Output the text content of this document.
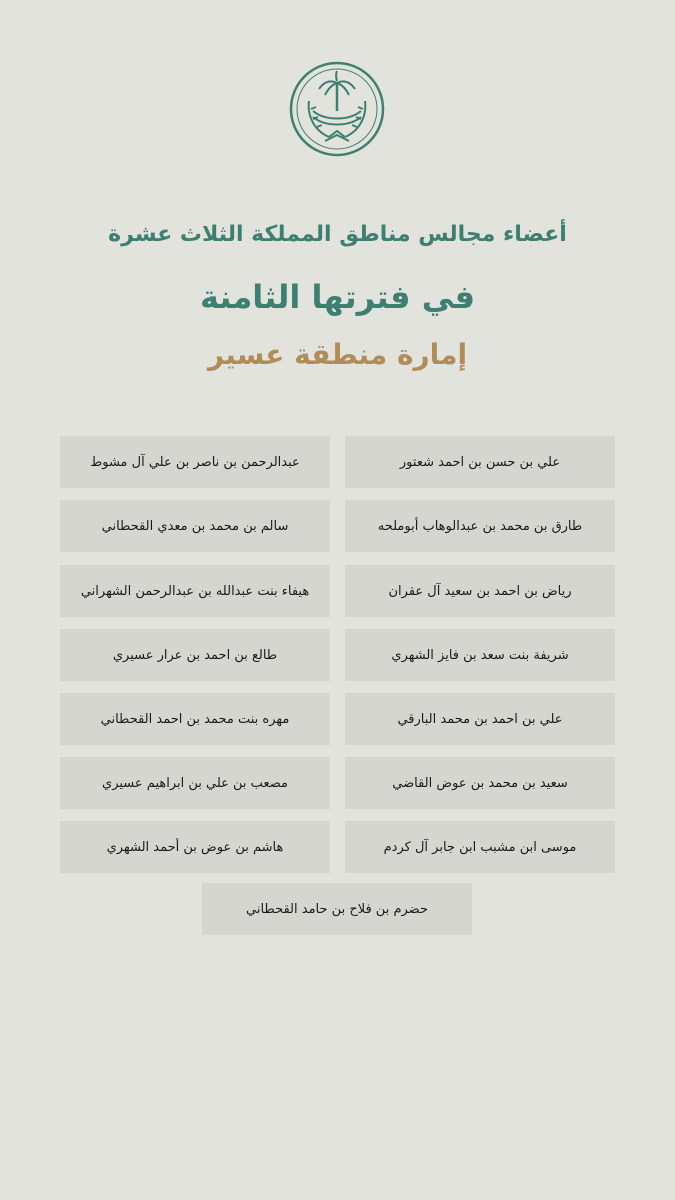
أعضاء مجالس مناطق المملكة الثلاث عشرة
في فترتها الثامنة
إمارة منطقة عسير
علي بن حسن بن احمد شعتور
عبدالرحمن بن ناصر بن علي آل مشوط
طارق بن محمد بن عبدالوهاب أبوملحه
سالم بن محمد بن معدي القحطاني
رياض بن احمد بن سعيد آل عقران
هيفاء بنت عبدالله بن عبدالرحمن الشهراني
شريفة بنت سعد بن فايز الشهري
طالع بن احمد بن عرار عسيري
علي بن احمد بن محمد البارقي
مهره بنت محمد بن احمد القحطاني
سعيد بن محمد بن عوض القاضي
مصعب بن علي بن ابراهيم عسيري
موسى ابن مشبب ابن جابر آل كردم
هاشم بن عوض بن أحمد الشهري
حضرم بن فلاح بن حامد القحطاني
